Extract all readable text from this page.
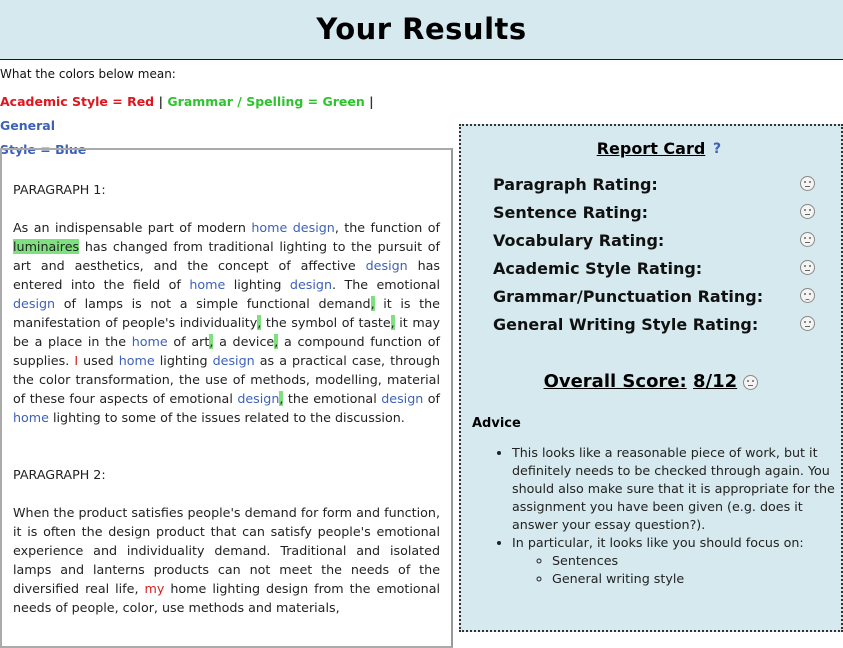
Your Results
What the colors below mean:
Academic Style = Red | Grammar / Spelling = Green | General
Style = Blue

PARAGRAPH 1:

As an indispensable part of modern home design, the function of luminaires has changed from traditional lighting to the pursuit of art and aesthetics, and the concept of affective design has entered into the field of home lighting design. The emotional design of lamps is not a simple functional demand, it is the manifestation of people's individuality, the symbol of taste, it may be a place in the home of art, a device, a compound function of supplies. I used home lighting design as a practical case, through the color transformation, the use of methods, modelling, material of these four aspects of emotional design, the emotional design of home lighting to some of the issues related to the discussion.

PARAGRAPH 2:

When the product satisfies people's demand for form and function, it is often the design product that can satisfy people's emotional experience and individuality demand. Traditional and isolated lamps and lanterns products can not meet the needs of the diversified real life, my home lighting design from the emotional needs of people, color, use methods and materials,

Report Card ?
Paragraph Rating:
Sentence Rating:
Vocabulary Rating:
Academic Style Rating:
Grammar/Punctuation Rating:
General Writing Style Rating:
Overall Score: 8/12
Advice
• This looks like a reasonable piece of work, but it definitely needs to be checked through again. You should also make sure that it is appropriate for the assignment you have been given (e.g. does it answer your essay question?).
• In particular, it looks like you should focus on:
◦ Sentences
◦ General writing style
